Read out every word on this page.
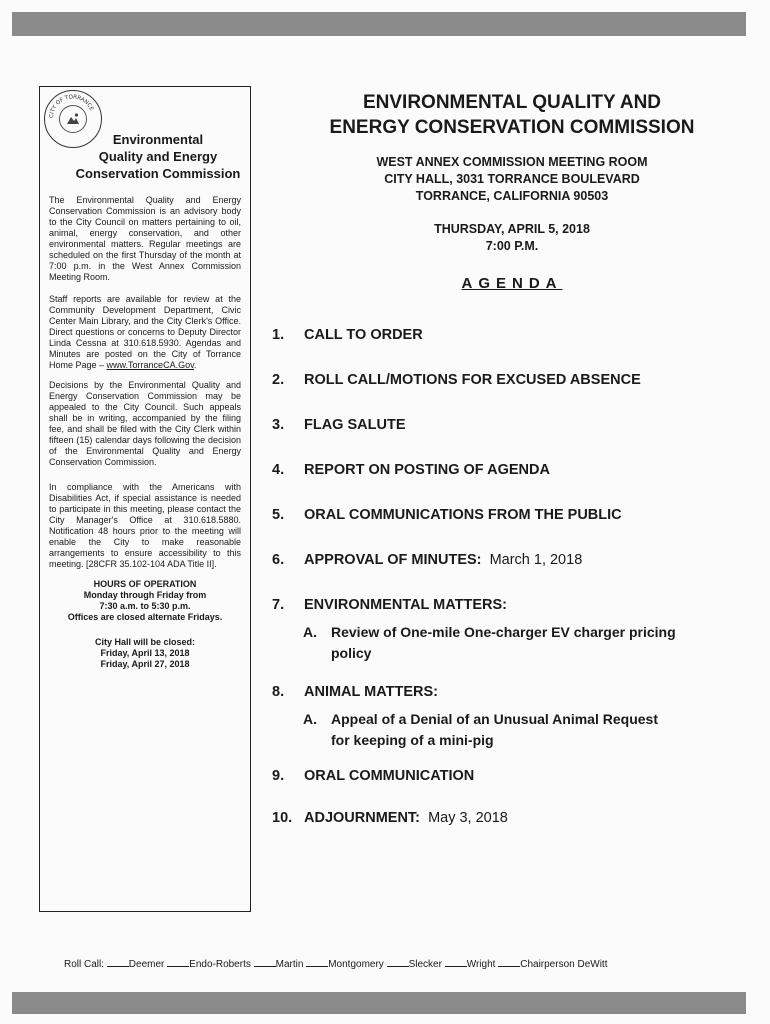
CITY OF TORRANCE
Environmental
Quality and Energy
Conservation Commission

The Environmental Quality and Energy Conservation Commission is an advisory body to the City Council on matters pertaining to oil, animal, energy conservation, and other environmental matters. Regular meetings are scheduled on the first Thursday of the month at 7:00 p.m. in the West Annex Commission Meeting Room.

Staff reports are available for review at the Community Development Department, Civic Center Main Library, and the City Clerk's Office. Direct questions or concerns to Deputy Director Linda Cessna at 310.618.5930. Agendas and Minutes are posted on the City of Torrance Home Page – www.TorranceCA.Gov.

Decisions by the Environmental Quality and Energy Conservation Commission may be appealed to the City Council. Such appeals shall be in writing, accompanied by the filing fee, and shall be filed with the City Clerk within fifteen (15) calendar days following the decision of the Environmental Quality and Energy Conservation Commission.

In compliance with the Americans with Disabilities Act, if special assistance is needed to participate in this meeting, please contact the City Manager's Office at 310.618.5880. Notification 48 hours prior to the meeting will enable the City to make reasonable arrangements to ensure accessibility to this meeting. [28CFR 35.102-104 ADA Title II].

HOURS OF OPERATION
Monday through Friday from
7:30 a.m. to 5:30 p.m.
Offices are closed alternate Fridays.
City Hall will be closed:
Friday, April 13, 2018
Friday, April 27, 2018
ENVIRONMENTAL QUALITY AND
ENERGY CONSERVATION COMMISSION
WEST ANNEX COMMISSION MEETING ROOM
CITY HALL, 3031 TORRANCE BOULEVARD
TORRANCE, CALIFORNIA 90503
THURSDAY, APRIL 5, 2018
7:00 P.M.
AGENDA
1. CALL TO ORDER
2. ROLL CALL/MOTIONS FOR EXCUSED ABSENCE
3. FLAG SALUTE
4. REPORT ON POSTING OF AGENDA
5. ORAL COMMUNICATIONS FROM THE PUBLIC
6. APPROVAL OF MINUTES: March 1, 2018
7. ENVIRONMENTAL MATTERS:
A. Review of One-mile One-charger EV charger pricing
policy
8. ANIMAL MATTERS:
A. Appeal of a Denial of an Unusual Animal Request
for keeping of a mini-pig
9. ORAL COMMUNICATION
10. ADJOURNMENT: May 3, 2018
Roll Call: Deemer Endo-Roberts Martin Montgomery Slecker Wright Chairperson DeWitt
